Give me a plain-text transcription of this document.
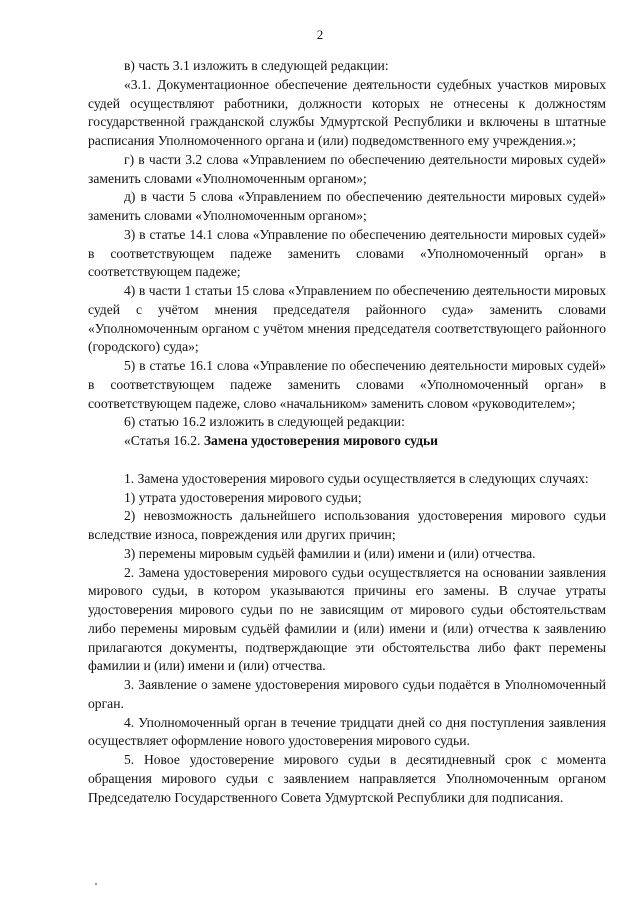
2

в) часть 3.1 изложить в следующей редакции:

«3.1. Документационное обеспечение деятельности судебных участков мировых судей осуществляют работники, должности которых не отнесены к должностям государственной гражданской службы Удмуртской Республики и включены в штатные расписания Уполномоченного органа и (или) подведомственного ему учреждения.»;

г) в части 3.2 слова «Управлением по обеспечению деятельности мировых судей» заменить словами «Уполномоченным органом»;

д) в части 5 слова «Управлением по обеспечению деятельности мировых судей» заменить словами «Уполномоченным органом»;

3) в статье 14.1 слова «Управление по обеспечению деятельности мировых судей» в соответствующем падеже заменить словами «Уполномоченный орган» в соответствующем падеже;

4) в части 1 статьи 15 слова «Управлением по обеспечению деятельности мировых судей с учётом мнения председателя районного суда» заменить словами «Уполномоченным органом с учётом мнения председателя соответствующего районного (городского) суда»;

5) в статье 16.1 слова «Управление по обеспечению деятельности мировых судей» в соответствующем падеже заменить словами «Уполномоченный орган» в соответствующем падеже, слово «начальником» заменить словом «руководителем»;

6) статью 16.2 изложить в следующей редакции:

«Статья 16.2. Замена удостоверения мирового судьи

1. Замена удостоверения мирового судьи осуществляется в следующих случаях:

1) утрата удостоверения мирового судьи;

2) невозможность дальнейшего использования удостоверения мирового судьи вследствие износа, повреждения или других причин;

3) перемены мировым судьёй фамилии и (или) имени и (или) отчества.

2. Замена удостоверения мирового судьи осуществляется на основании заявления мирового судьи, в котором указываются причины его замены. В случае утраты удостоверения мирового судьи по не зависящим от мирового судьи обстоятельствам либо перемены мировым судьёй фамилии и (или) имени и (или) отчества к заявлению прилагаются документы, подтверждающие эти обстоятельства либо факт перемены фамилии и (или) имени и (или) отчества.

3. Заявление о замене удостоверения мирового судьи подаётся в Уполномоченный орган.

4. Уполномоченный орган в течение тридцати дней со дня поступления заявления осуществляет оформление нового удостоверения мирового судьи.

5. Новое удостоверение мирового судьи в десятидневный срок с момента обращения мирового судьи с заявлением направляется Уполномоченным органом Председателю Государственного Совета Удмуртской Республики для подписания.
